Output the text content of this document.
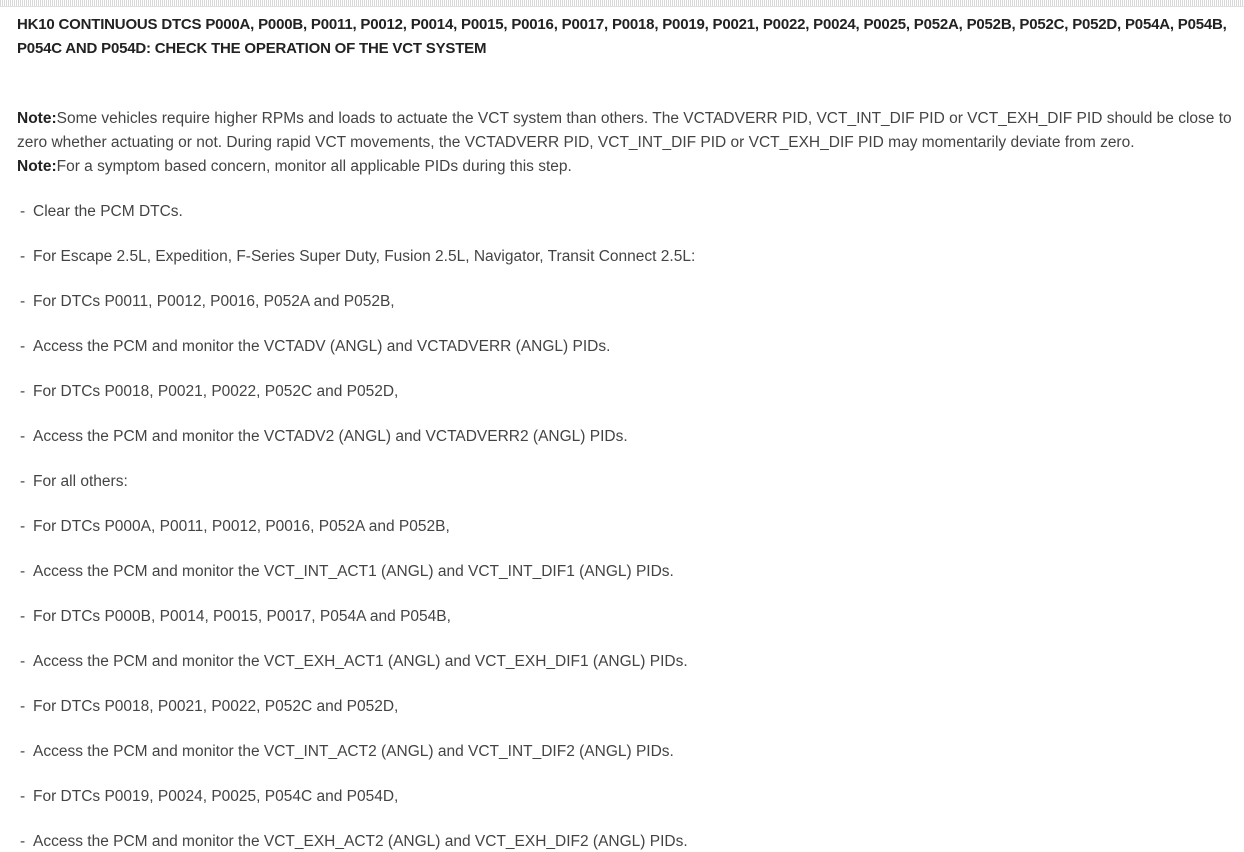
HK10 CONTINUOUS DTCS P000A, P000B, P0011, P0012, P0014, P0015, P0016, P0017, P0018, P0019, P0021, P0022, P0024, P0025, P052A, P052B, P052C, P052D, P054A, P054B, P054C AND P054D: CHECK THE OPERATION OF THE VCT SYSTEM

Note:Some vehicles require higher RPMs and loads to actuate the VCT system than others. The VCTADVERR PID, VCT_INT_DIF PID or VCT_EXH_DIF PID should be close to zero whether actuating or not. During rapid VCT movements, the VCTADVERR PID, VCT_INT_DIF PID or VCT_EXH_DIF PID may momentarily deviate from zero.

Note:For a symptom based concern, monitor all applicable PIDs during this step.

- Clear the PCM DTCs.
- For Escape 2.5L, Expedition, F-Series Super Duty, Fusion 2.5L, Navigator, Transit Connect 2.5L:
- For DTCs P0011, P0012, P0016, P052A and P052B,
- Access the PCM and monitor the VCTADV (ANGL) and VCTADVERR (ANGL) PIDs.
- For DTCs P0018, P0021, P0022, P052C and P052D,
- Access the PCM and monitor the VCTADV2 (ANGL) and VCTADVERR2 (ANGL) PIDs.
- For all others:
- For DTCs P000A, P0011, P0012, P0016, P052A and P052B,
- Access the PCM and monitor the VCT_INT_ACT1 (ANGL) and VCT_INT_DIF1 (ANGL) PIDs.
- For DTCs P000B, P0014, P0015, P0017, P054A and P054B,
- Access the PCM and monitor the VCT_EXH_ACT1 (ANGL) and VCT_EXH_DIF1 (ANGL) PIDs.
- For DTCs P0018, P0021, P0022, P052C and P052D,
- Access the PCM and monitor the VCT_INT_ACT2 (ANGL) and VCT_INT_DIF2 (ANGL) PIDs.
- For DTCs P0019, P0024, P0025, P054C and P054D,
- Access the PCM and monitor the VCT_EXH_ACT2 (ANGL) and VCT_EXH_DIF2 (ANGL) PIDs.
